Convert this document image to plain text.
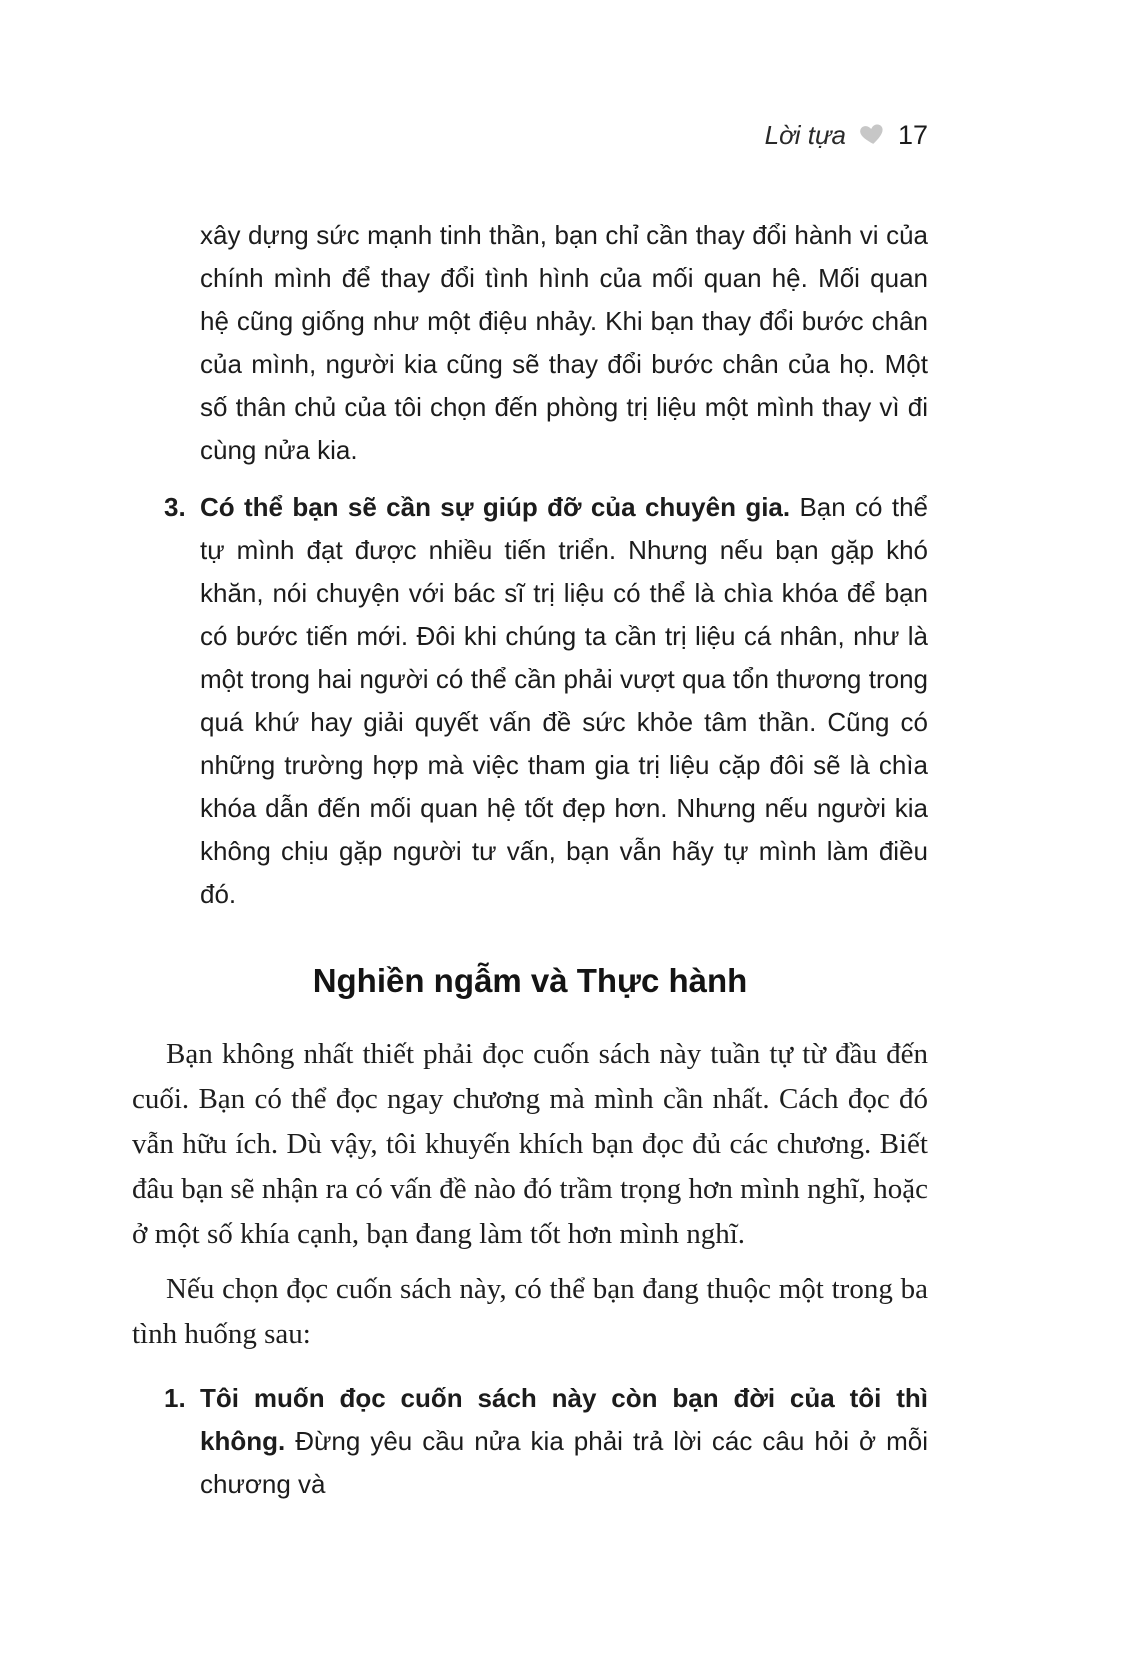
Lời tựa 17
xây dựng sức mạnh tinh thần, bạn chỉ cần thay đổi hành vi của chính mình để thay đổi tình hình của mối quan hệ. Mối quan hệ cũng giống như một điệu nhảy. Khi bạn thay đổi bước chân của mình, người kia cũng sẽ thay đổi bước chân của họ. Một số thân chủ của tôi chọn đến phòng trị liệu một mình thay vì đi cùng nửa kia.
3. Có thể bạn sẽ cần sự giúp đỡ của chuyên gia. Bạn có thể tự mình đạt được nhiều tiến triển. Nhưng nếu bạn gặp khó khăn, nói chuyện với bác sĩ trị liệu có thể là chìa khóa để bạn có bước tiến mới. Đôi khi chúng ta cần trị liệu cá nhân, như là một trong hai người có thể cần phải vượt qua tổn thương trong quá khứ hay giải quyết vấn đề sức khỏe tâm thần. Cũng có những trường hợp mà việc tham gia trị liệu cặp đôi sẽ là chìa khóa dẫn đến mối quan hệ tốt đẹp hơn. Nhưng nếu người kia không chịu gặp người tư vấn, bạn vẫn hãy tự mình làm điều đó.
Nghiền ngẫm và Thực hành

Bạn không nhất thiết phải đọc cuốn sách này tuần tự từ đầu đến cuối. Bạn có thể đọc ngay chương mà mình cần nhất. Cách đọc đó vẫn hữu ích. Dù vậy, tôi khuyến khích bạn đọc đủ các chương. Biết đâu bạn sẽ nhận ra có vấn đề nào đó trầm trọng hơn mình nghĩ, hoặc ở một số khía cạnh, bạn đang làm tốt hơn mình nghĩ.

Nếu chọn đọc cuốn sách này, có thể bạn đang thuộc một trong ba tình huống sau:

1. Tôi muốn đọc cuốn sách này còn bạn đời của tôi thì không. Đừng yêu cầu nửa kia phải trả lời các câu hỏi ở mỗi chương và
